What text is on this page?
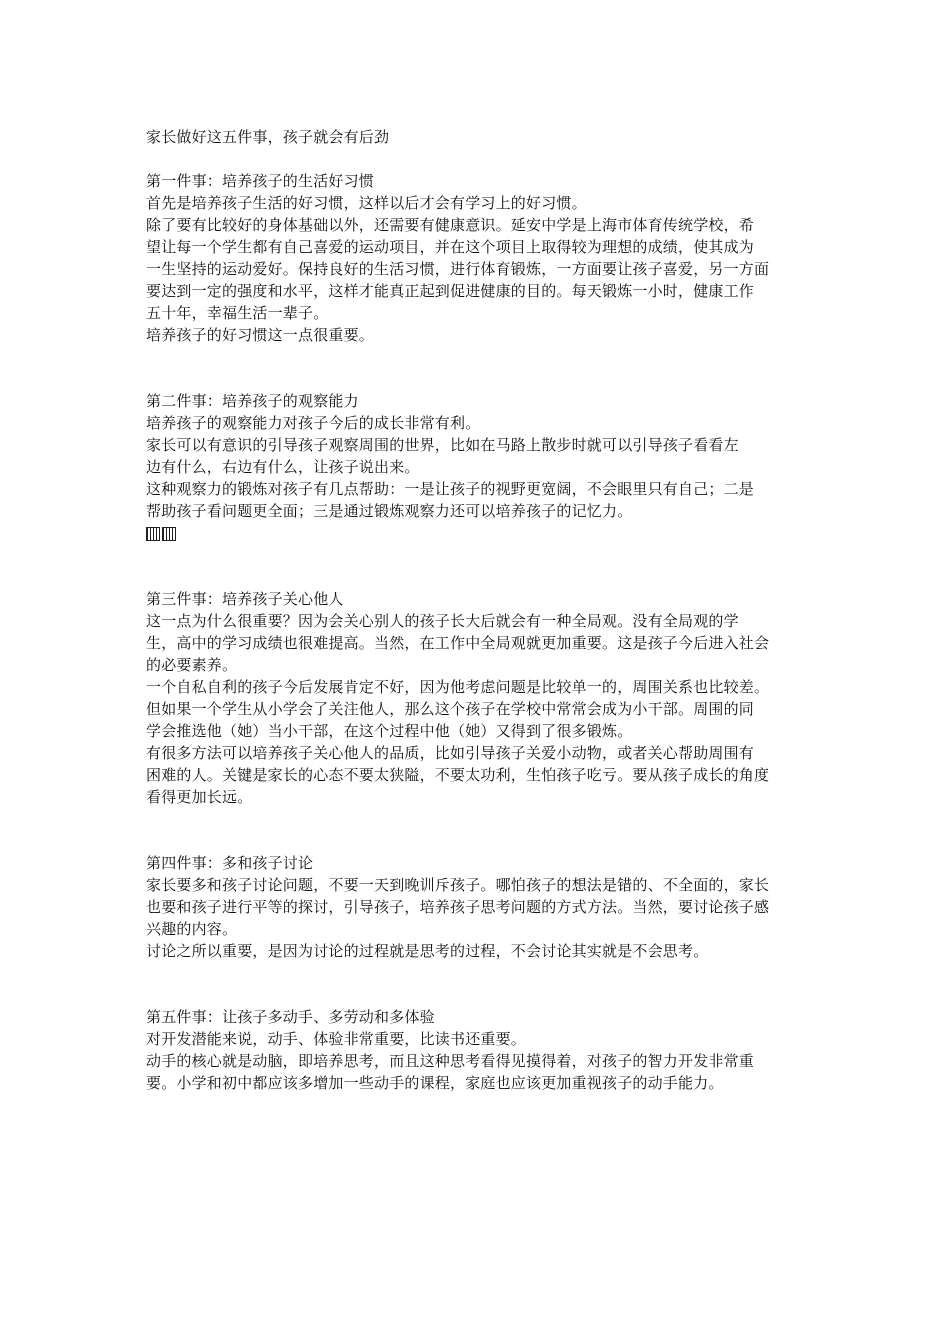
家长做好这五件事，孩子就会有后劲
第一件事：培养孩子的生活好习惯
首先是培养孩子生活的好习惯，这样以后才会有学习上的好习惯。
除了要有比较好的身体基础以外，还需要有健康意识。延安中学是上海市体育传统学校，希
望让每一个学生都有自己喜爱的运动项目，并在这个项目上取得较为理想的成绩，使其成为
一生坚持的运动爱好。保持良好的生活习惯，进行体育锻炼，一方面要让孩子喜爱，另一方面
要达到一定的强度和水平，这样才能真正起到促进健康的目的。每天锻炼一小时，健康工作
五十年，幸福生活一辈子。
培养孩子的好习惯这一点很重要。
第二件事：培养孩子的观察能力
培养孩子的观察能力对孩子今后的成长非常有利。
家长可以有意识的引导孩子观察周围的世界，比如在马路上散步时就可以引导孩子看看左
边有什么，右边有什么，让孩子说出来。
这种观察力的锻炼对孩子有几点帮助：一是让孩子的视野更宽阔，不会眼里只有自己；二是
帮助孩子看问题更全面；三是通过锻炼观察力还可以培养孩子的记忆力。
第三件事：培养孩子关心他人
这一点为什么很重要？因为会关心别人的孩子长大后就会有一种全局观。没有全局观的学
生，高中的学习成绩也很难提高。当然，在工作中全局观就更加重要。这是孩子今后进入社会
的必要素养。
一个自私自利的孩子今后发展肯定不好，因为他考虑问题是比较单一的，周围关系也比较差。
但如果一个学生从小学会了关注他人，那么这个孩子在学校中常常会成为小干部。周围的同
学会推选他（她）当小干部，在这个过程中他（她）又得到了很多锻炼。
有很多方法可以培养孩子关心他人的品质，比如引导孩子关爱小动物，或者关心帮助周围有
困难的人。关键是家长的心态不要太狭隘，不要太功利，生怕孩子吃亏。要从孩子成长的角度
看得更加长远。
第四件事：多和孩子讨论
家长要多和孩子讨论问题，不要一天到晚训斥孩子。哪怕孩子的想法是错的、不全面的，家长
也要和孩子进行平等的探讨，引导孩子，培养孩子思考问题的方式方法。当然，要讨论孩子感
兴趣的内容。
讨论之所以重要，是因为讨论的过程就是思考的过程，不会讨论其实就是不会思考。
第五件事：让孩子多动手、多劳动和多体验
对开发潜能来说，动手、体验非常重要，比读书还重要。
动手的核心就是动脑，即培养思考，而且这种思考看得见摸得着，对孩子的智力开发非常重
要。小学和初中都应该多增加一些动手的课程，家庭也应该更加重视孩子的动手能力。
